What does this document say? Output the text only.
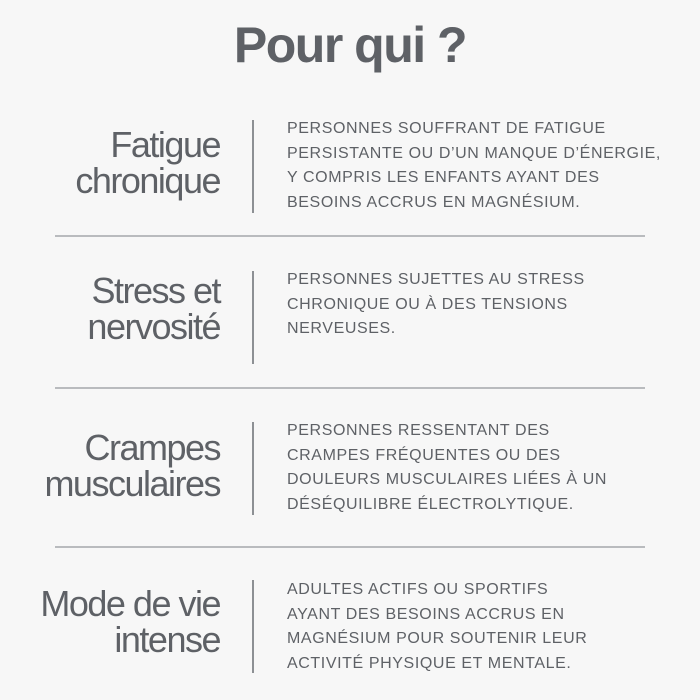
Pour qui ?
Fatigue
chronique
PERSONNES SOUFFRANT DE FATIGUE
PERSISTANTE OU D’UN MANQUE D’ÉNERGIE,
Y COMPRIS LES ENFANTS AYANT DES
BESOINS ACCRUS EN MAGNÉSIUM.
Stress et
nervosité
PERSONNES SUJETTES AU STRESS
CHRONIQUE OU À DES TENSIONS
NERVEUSES.
Crampes
musculaires
PERSONNES RESSENTANT DES
CRAMPES FRÉQUENTES OU DES
DOULEURS MUSCULAIRES LIÉES À UN
DÉSÉQUILIBRE ÉLECTROLYTIQUE.
Mode de vie
intense
ADULTES ACTIFS OU SPORTIFS
AYANT DES BESOINS ACCRUS EN
MAGNÉSIUM POUR SOUTENIR LEUR
ACTIVITÉ PHYSIQUE ET MENTALE.
